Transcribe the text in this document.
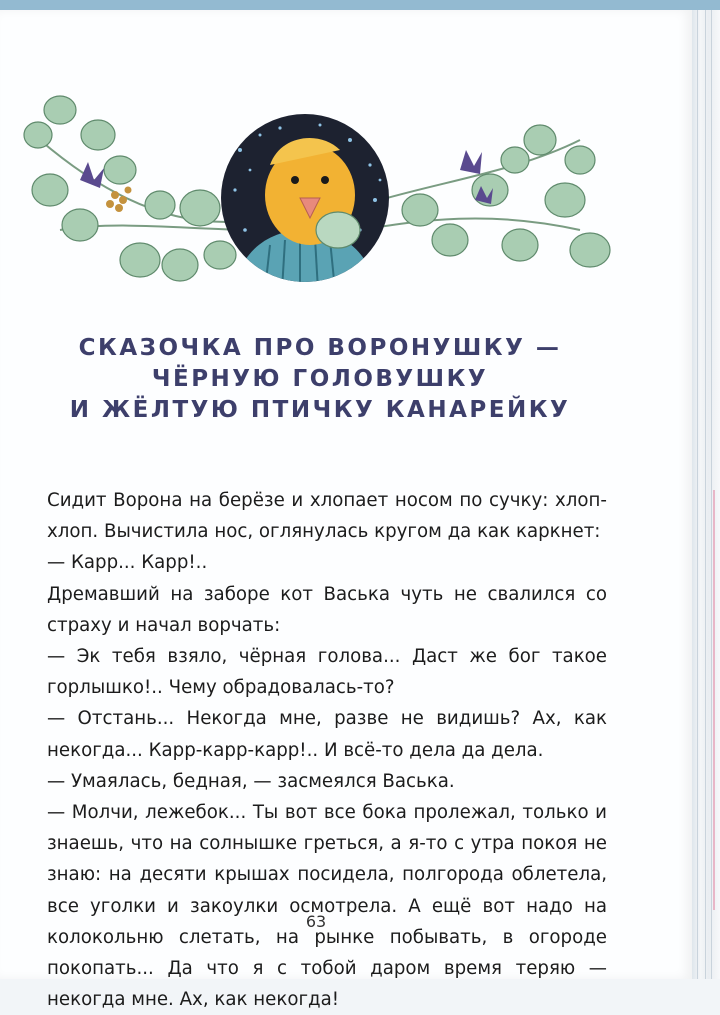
СКАЗОЧКА ПРО ВОРОНУШКУ —
ЧЁРНУЮ ГОЛОВУШКУ
И ЖЁЛТУЮ ПТИЧКУ КАНАРЕЙКУ

Сидит Ворона на берёзе и хлопает носом по сучку: хлоп-хлоп. Вычистила нос, оглянулась кругом да как каркнет:

— Карр... Карр!..

Дремавший на заборе кот Васька чуть не свалился со страху и начал ворчать:

— Эк тебя взяло, чёрная голова... Даст же бог такое горлышко!.. Чему обрадовалась-то?

— Отстань... Некогда мне, разве не видишь? Ах, как некогда... Карр-карр-карр!.. И всё-то дела да дела.

— Умаялась, бедная, — засмеялся Васька.

— Молчи, лежебок... Ты вот все бока пролежал, только и знаешь, что на солнышке греться, а я-то с утра покоя не знаю: на десяти крышах посидела, полгорода облетела, все уголки и закоулки осмотрела. А ещё вот надо на колокольню слетать, на рынке побывать, в огороде покопать... Да что я с тобой даром время теряю — некогда мне. Ах, как некогда!

63
